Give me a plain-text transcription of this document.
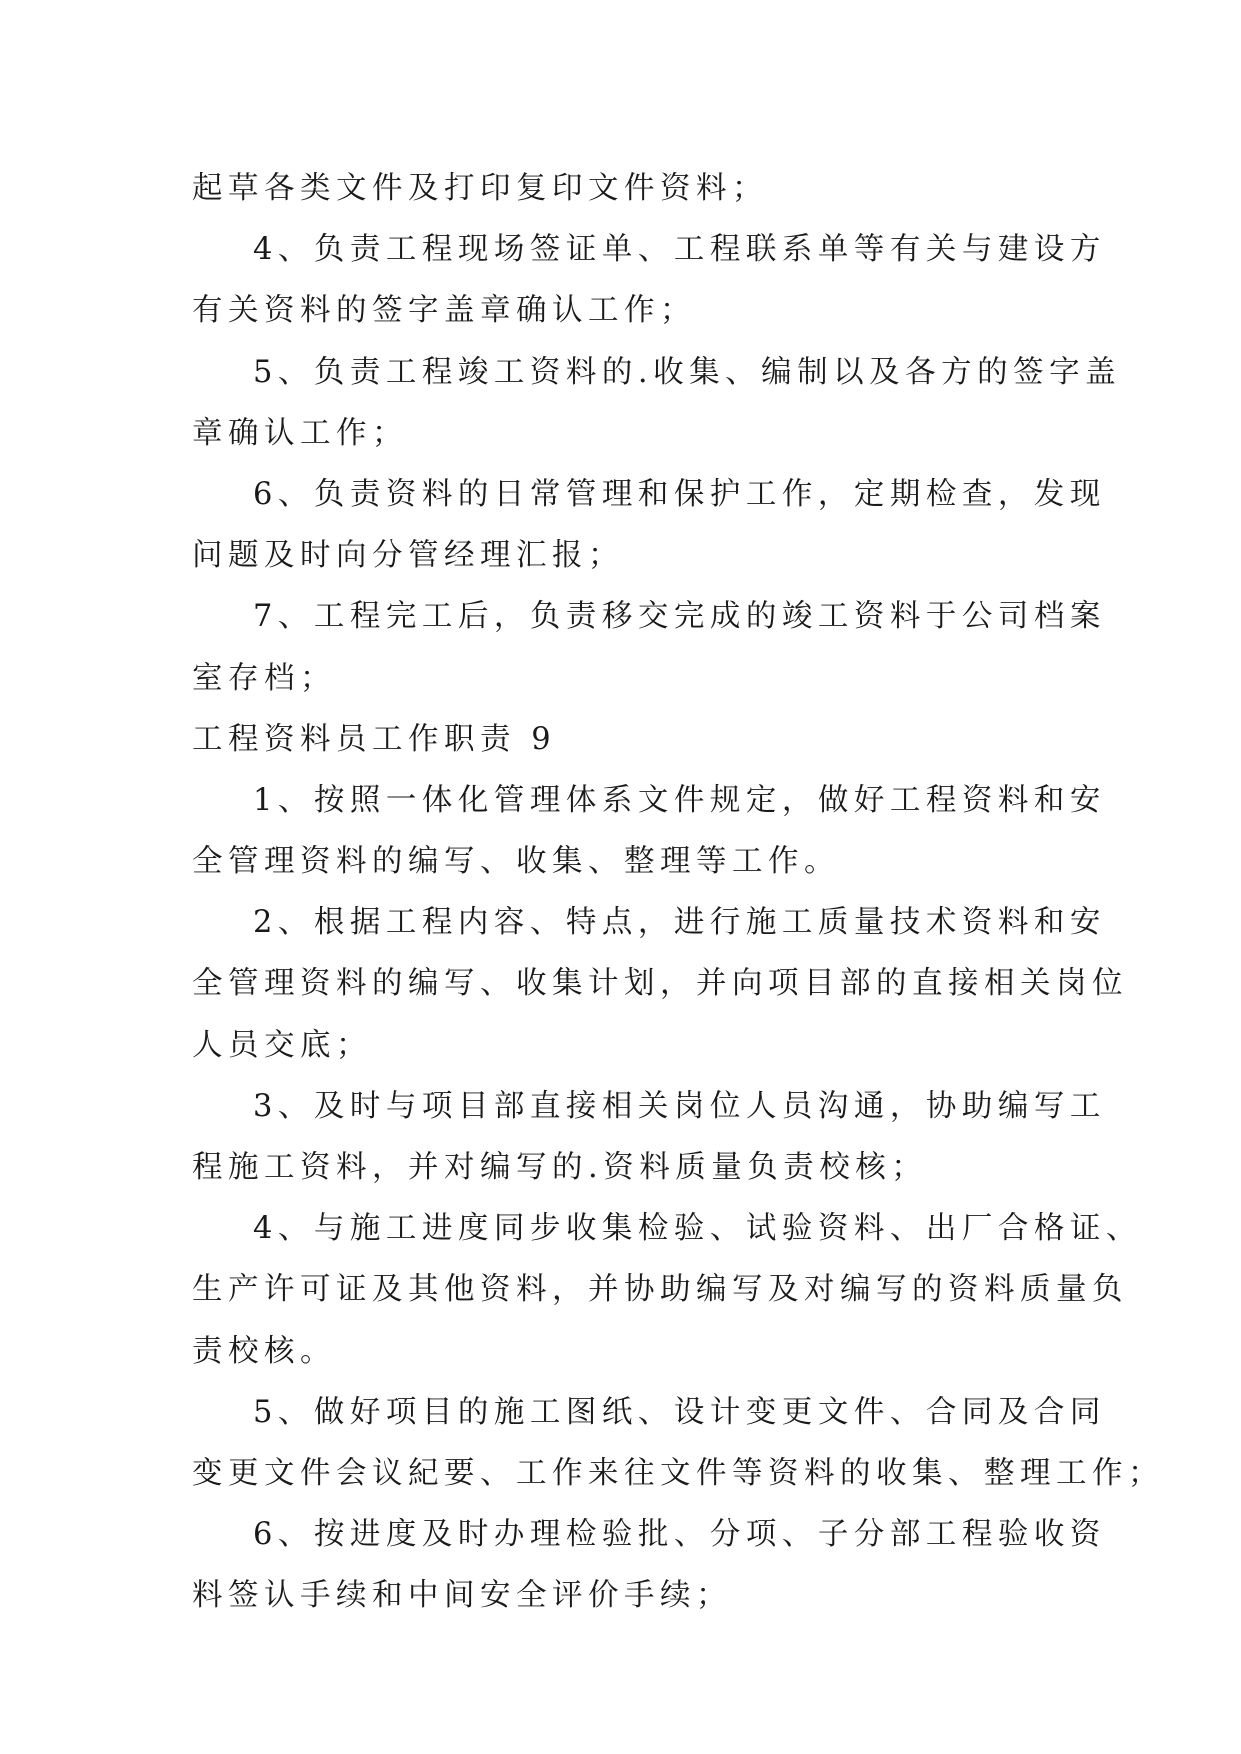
起草各类文件及打印复印文件资料；
4、负责工程现场签证单、工程联系单等有关与建设方
有关资料的签字盖章确认工作；
5、负责工程竣工资料的.收集、编制以及各方的签字盖
章确认工作；
6、负责资料的日常管理和保护工作，定期检查，发现
问题及时向分管经理汇报；
7、工程完工后，负责移交完成的竣工资料于公司档案
室存档；
工程资料员工作职责 9
1、按照一体化管理体系文件规定，做好工程资料和安
全管理资料的编写、收集、整理等工作。
2、根据工程内容、特点，进行施工质量技术资料和安
全管理资料的编写、收集计划，并向项目部的直接相关岗位
人员交底；
3、及时与项目部直接相关岗位人员沟通，协助编写工
程施工资料，并对编写的.资料质量负责校核；
4、与施工进度同步收集检验、试验资料、出厂合格证、
生产许可证及其他资料，并协助编写及对编写的资料质量负
责校核。
5、做好项目的施工图纸、设计变更文件、合同及合同
变更文件会议紀要、工作来往文件等资料的收集、整理工作；
6、按进度及时办理检验批、分项、子分部工程验收资
料签认手续和中间安全评价手续；
